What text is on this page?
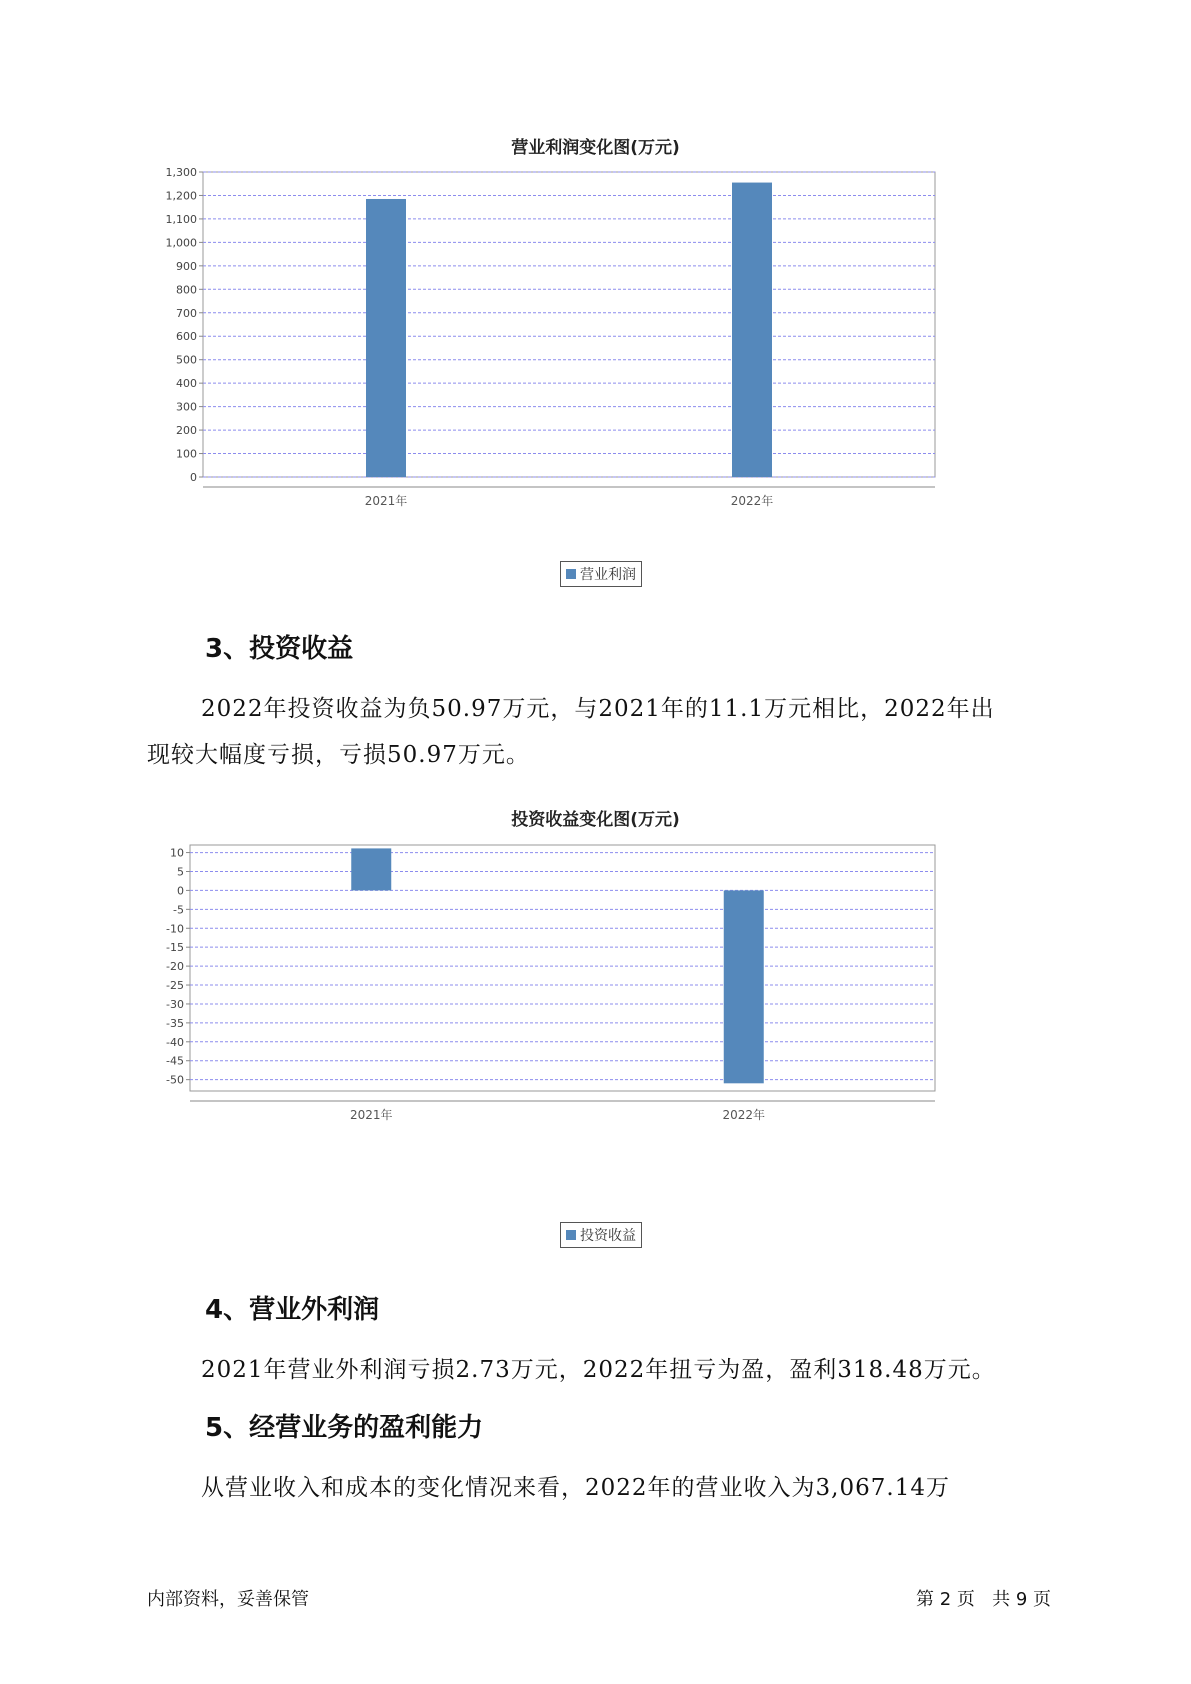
营业利润变化图(万元)
0
100
200
300
400
500
600
700
800
900
1,000
1,100
1,200
1,300
2021年	2022年
营业利润
3、投资收益
2022年投资收益为负50.97万元，与2021年的11.1万元相比，2022年出
现较大幅度亏损，亏损50.97万元。
投资收益变化图(万元)
10
5
0
-5
-10
-15
-20
-25
-30
-35
-40
-45
-50
2021年	2022年
投资收益
4、营业外利润
2021年营业外利润亏损2.73万元，2022年扭亏为盈，盈利318.48万元。
5、经营业务的盈利能力
从营业收入和成本的变化情况来看，2022年的营业收入为3,067.14万
内部资料，妥善保管	第 2 页   共 9 页
